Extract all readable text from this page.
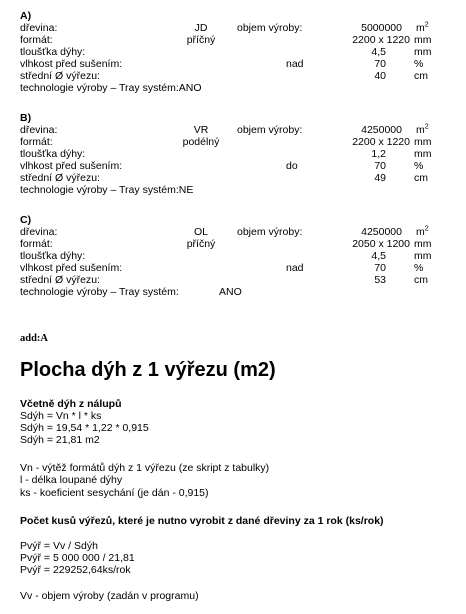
A)
dřevina:	JD	objem výroby:	5000000 $m^2$
formát:	příčný	2200 x 1220 mm
tloušťka dýhy:	4,5	mm
vlhkost před sušením:	nad	70	%
střední Ø výřezu:	40	cm
technologie výroby – Tray systém:ANO
B)
dřevina:	VR	objem výroby:	4250000 $m^2$
formát:	podélný	2200 x 1220 mm
tloušťka dýhy:	1,2	mm
vlhkost před sušením:	do	70	%
střední Ø výřezu:	49	cm
technologie výroby – Tray systém:NE
C)
dřevina:	OL	objem výroby:	4250000 $m^2$
formát:	příčný	2050 x 1200 mm
tloušťka dýhy:	4,5	mm
vlhkost před sušením:	nad	70	%
střední Ø výřezu:	53	cm
technologie výroby – Tray systém:	ANO
add:A
Plocha dýh z 1 výřezu (m2)
Včetně dýh z nálupů
Sdýh = Vn * l * ks
Sdýh = 19,54 * 1,22 * 0,915
Sdýh = 21,81 m2
Vn - výtěž formátů dýh z 1 výřezu (ze skript z tabulky)
l - délka loupané dýhy
ks - koeficient sesychání (je dán - 0,915)
Počet kusů výřezů, které je nutno vyrobit z dané dřeviny za 1 rok (ks/rok)
Pvýř = Vv / Sdýh
Pvýř = 5 000 000 / 21,81
Pvýř = 229252,64ks/rok
Vv - objem výroby (zadán v programu)
